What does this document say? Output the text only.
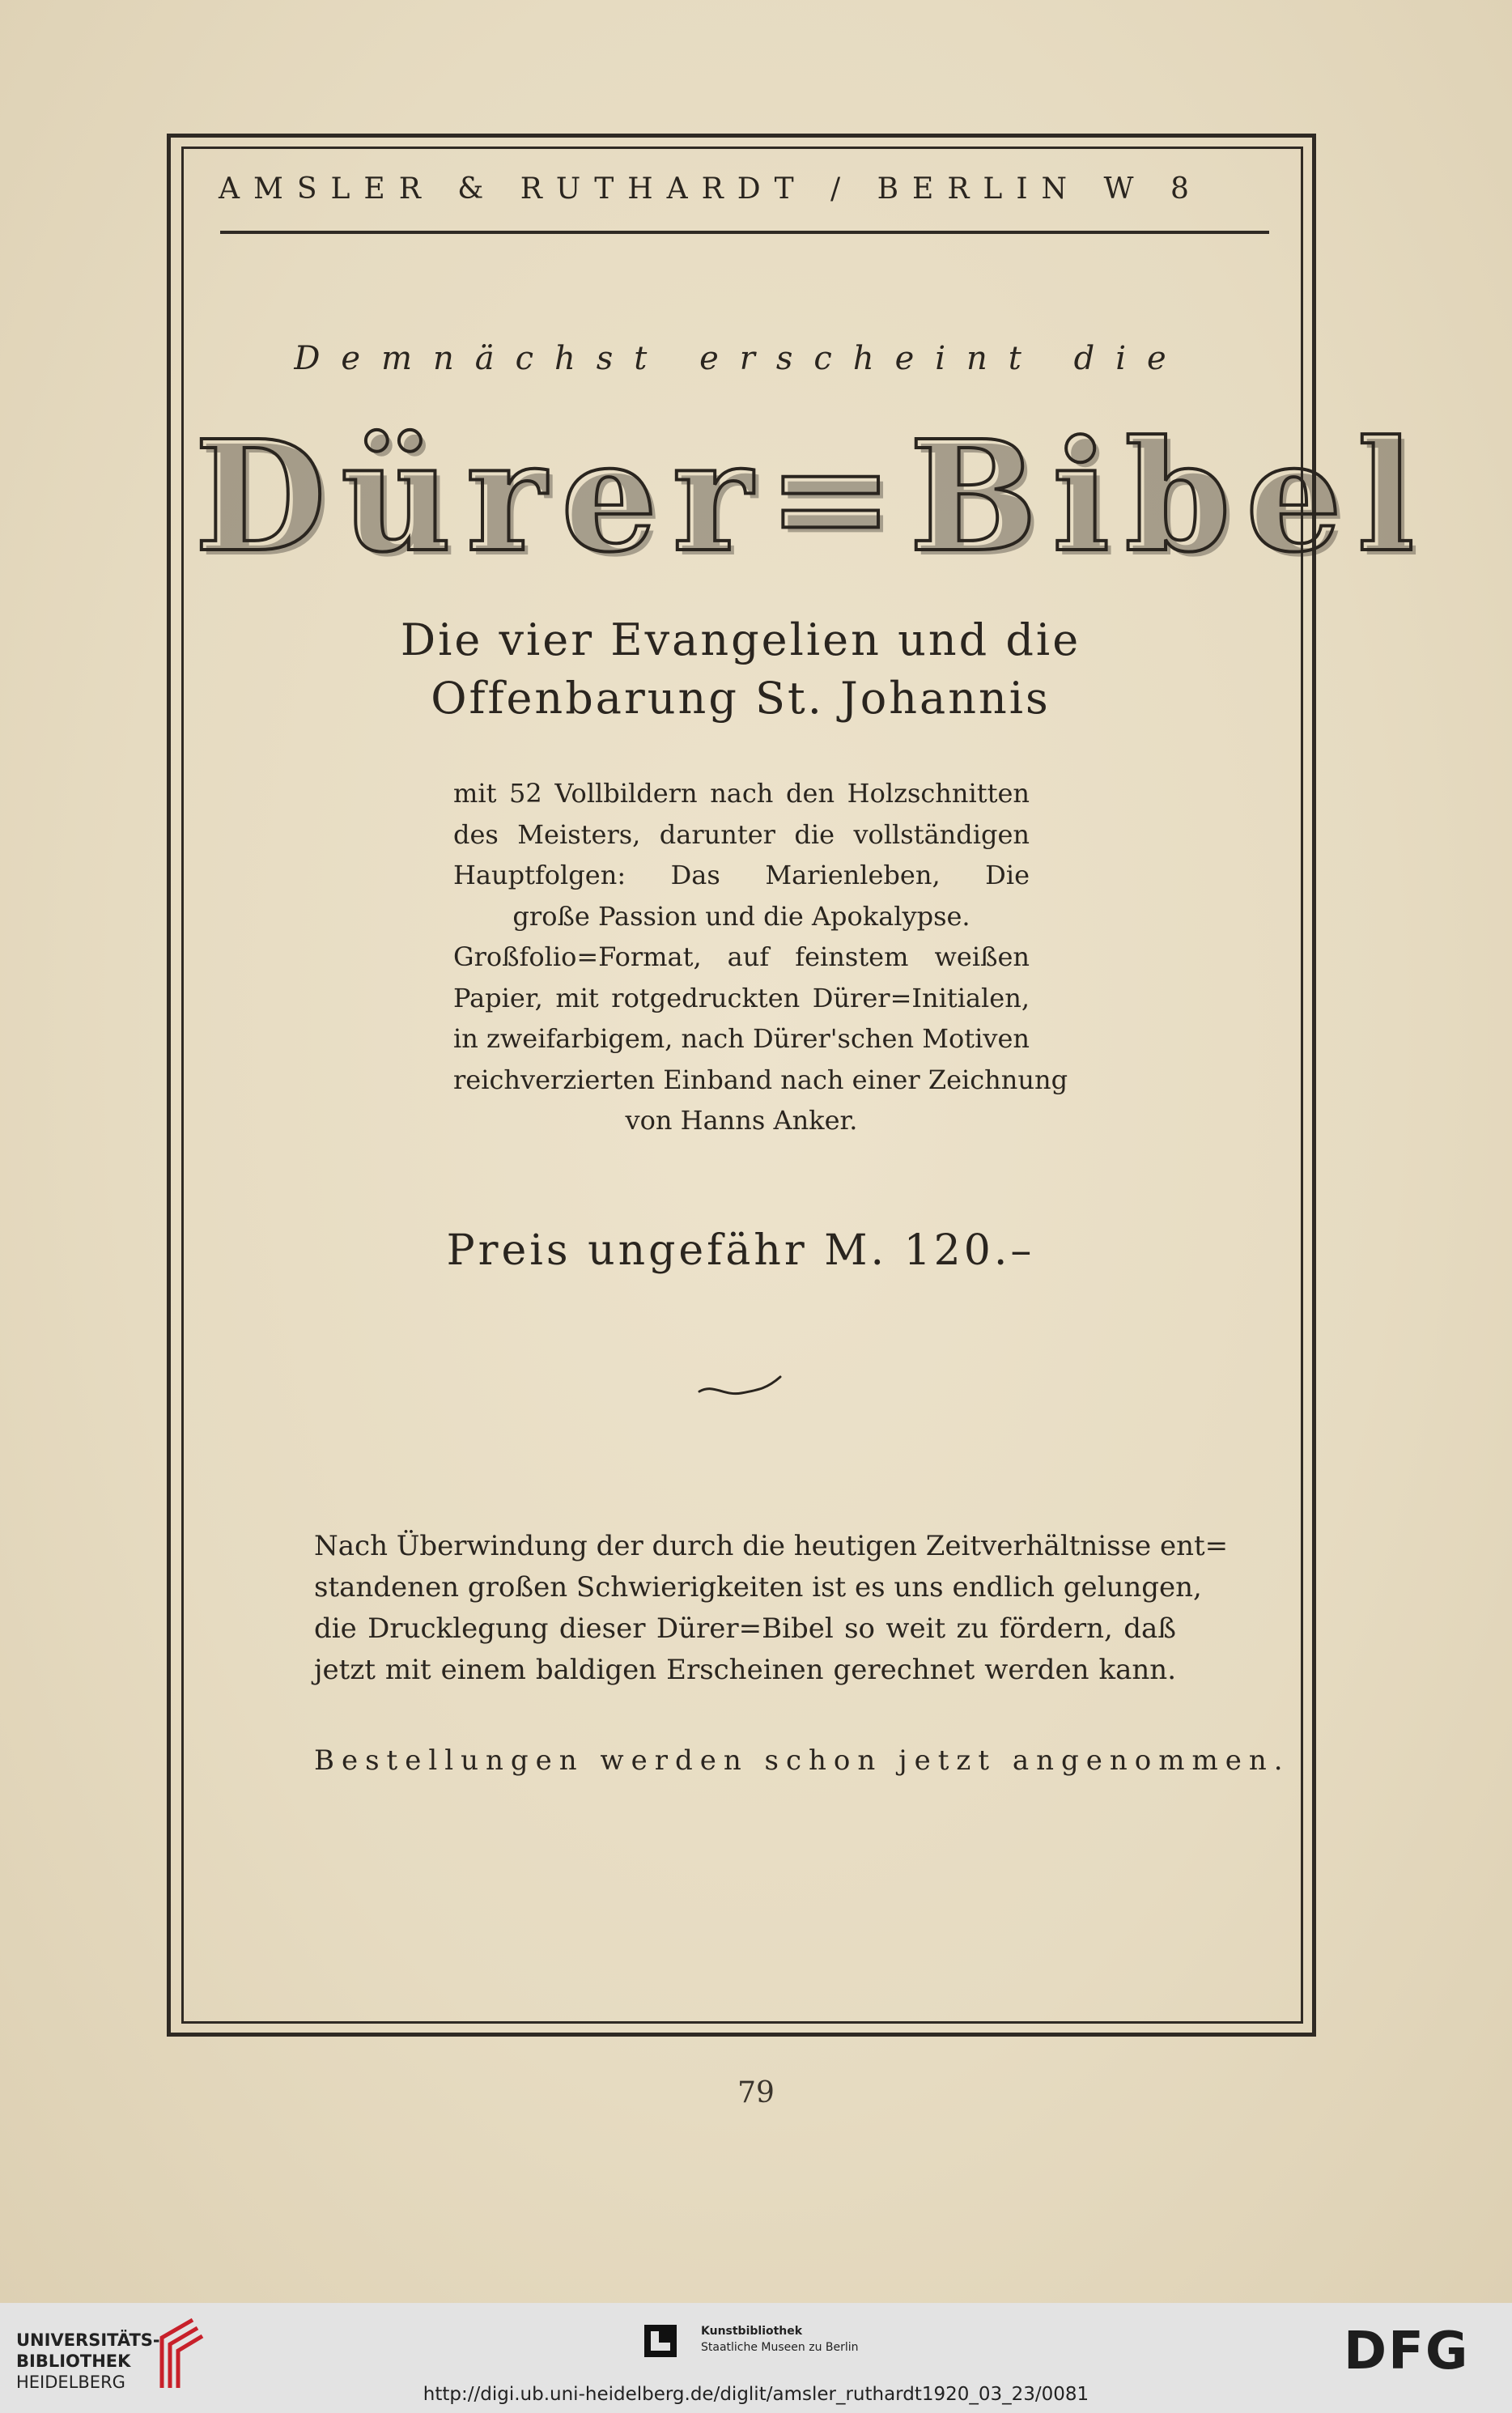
AMSLER & RUTHARDT / BERLIN W 8
Demnächst erscheint die
Dürer=Bibel
Die vier Evangelien und die
Offenbarung St. Johannis
mit 52 Vollbildern nach den Holzschnitten
des Meisters, darunter die vollständigen
Hauptfolgen: Das Marienleben, Die
große Passion und die Apokalypse.
Großfolio=Format, auf feinstem weißen
Papier, mit rotgedruckten Dürer=Initialen,
in zweifarbigem, nach Dürer'schen Motiven
reichverzierten Einband nach einer Zeichnung
von Hanns Anker.
Preis ungefähr M. 120.–
Nach Überwindung der durch die heutigen Zeitverhältnisse ent=
standenen großen Schwierigkeiten ist es uns endlich gelungen,
die Drucklegung dieser Dürer=Bibel so weit zu fördern, daß
jetzt mit einem baldigen Erscheinen gerechnet werden kann.
Bestellungen werden schon jetzt angenommen.
79
UNIVERSITÄTS-
BIBLIOTHEK
HEIDELBERG
Kunstbibliothek
Staatliche Museen zu Berlin	DFG
http://digi.ub.uni-heidelberg.de/diglit/amsler_ruthardt1920_03_23/0081
